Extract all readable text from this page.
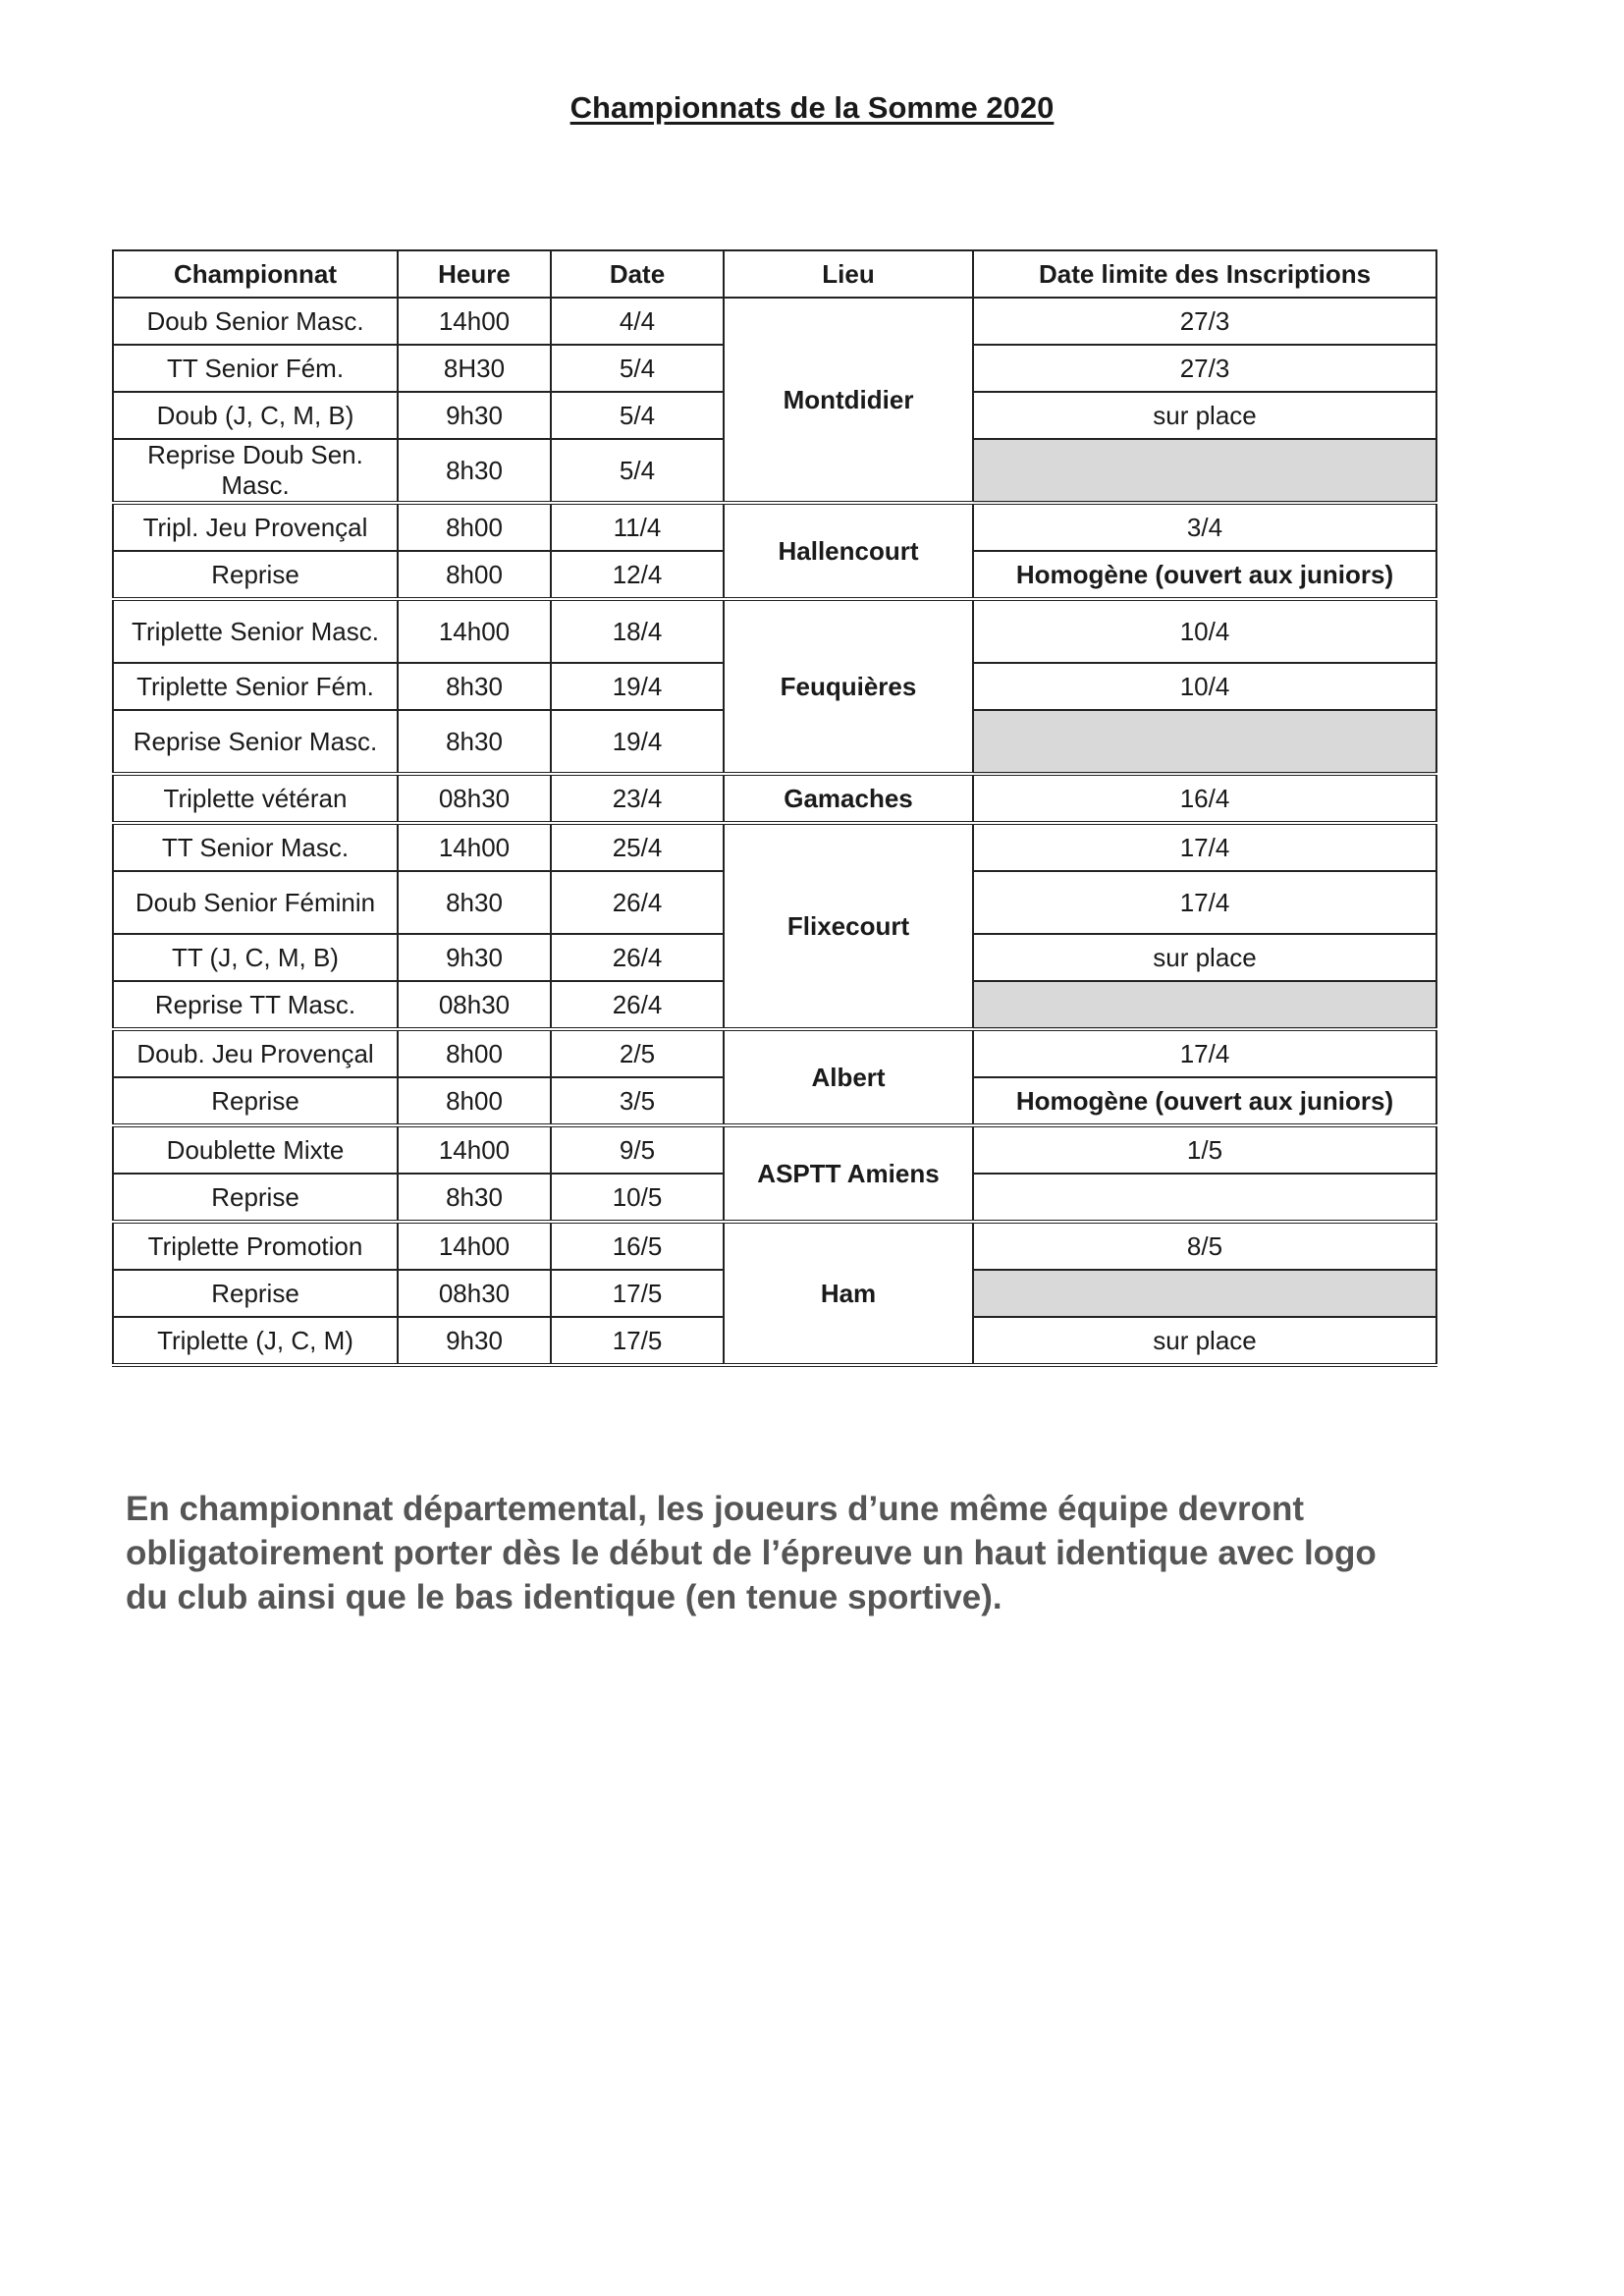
Championnats de la Somme 2020
Championnat	Heure	Date	Lieu	Date limite des Inscriptions
Doub Senior Masc.	14h00	4/4	Montdidier	27/3
TT Senior Fém.	8H30	5/4		27/3
Doub (J, C, M, B)	9h30	5/4		sur place
Reprise Doub Sen. Masc.	8h30	5/4		
Tripl. Jeu Provençal	8h00	11/4	Hallencourt	3/4
Reprise	8h00	12/4		Homogène (ouvert aux juniors)
Triplette Senior Masc.	14h00	18/4	Feuquières	10/4
Triplette Senior Fém.	8h30	19/4		10/4
Reprise Senior Masc.	8h30	19/4		
Triplette vétéran	08h30	23/4	Gamaches	16/4
TT Senior Masc.	14h00	25/4	Flixecourt	17/4
Doub Senior Féminin	8h30	26/4		17/4
TT (J, C, M, B)	9h30	26/4		sur place
Reprise TT Masc.	08h30	26/4		
Doub. Jeu Provençal	8h00	2/5	Albert	17/4
Reprise	8h00	3/5		Homogène (ouvert aux juniors)
Doublette Mixte	14h00	9/5	ASPTT Amiens	1/5
Reprise	8h30	10/5		
Triplette Promotion	14h00	16/5	Ham	8/5
Reprise	08h30	17/5		
Triplette (J, C, M)	9h30	17/5		sur place
En championnat départemental, les joueurs d’une même équipe devront
obligatoirement porter dès le début de l’épreuve un haut identique avec logo
du club ainsi que le bas identique (en tenue sportive).
